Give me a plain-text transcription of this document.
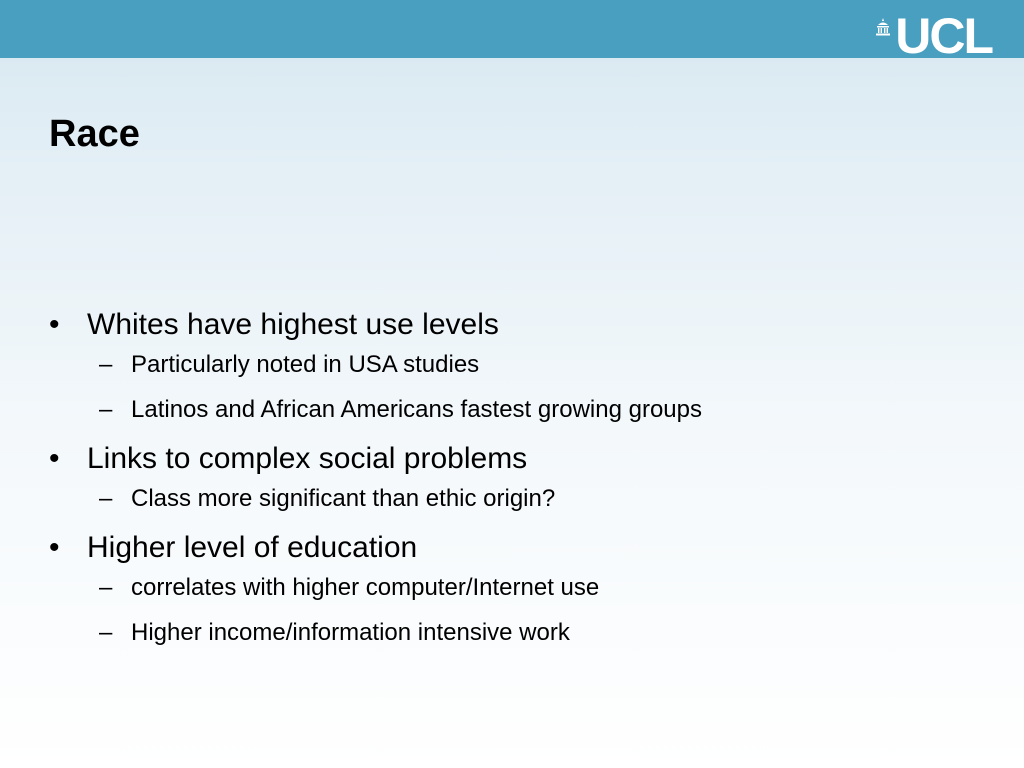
UCL
Race
• Whites have highest use levels
– Particularly noted in USA studies
– Latinos and African Americans fastest growing groups
• Links to complex social problems
– Class more significant than ethic origin?
• Higher level of education
– correlates with higher computer/Internet use
– Higher income/information intensive work
